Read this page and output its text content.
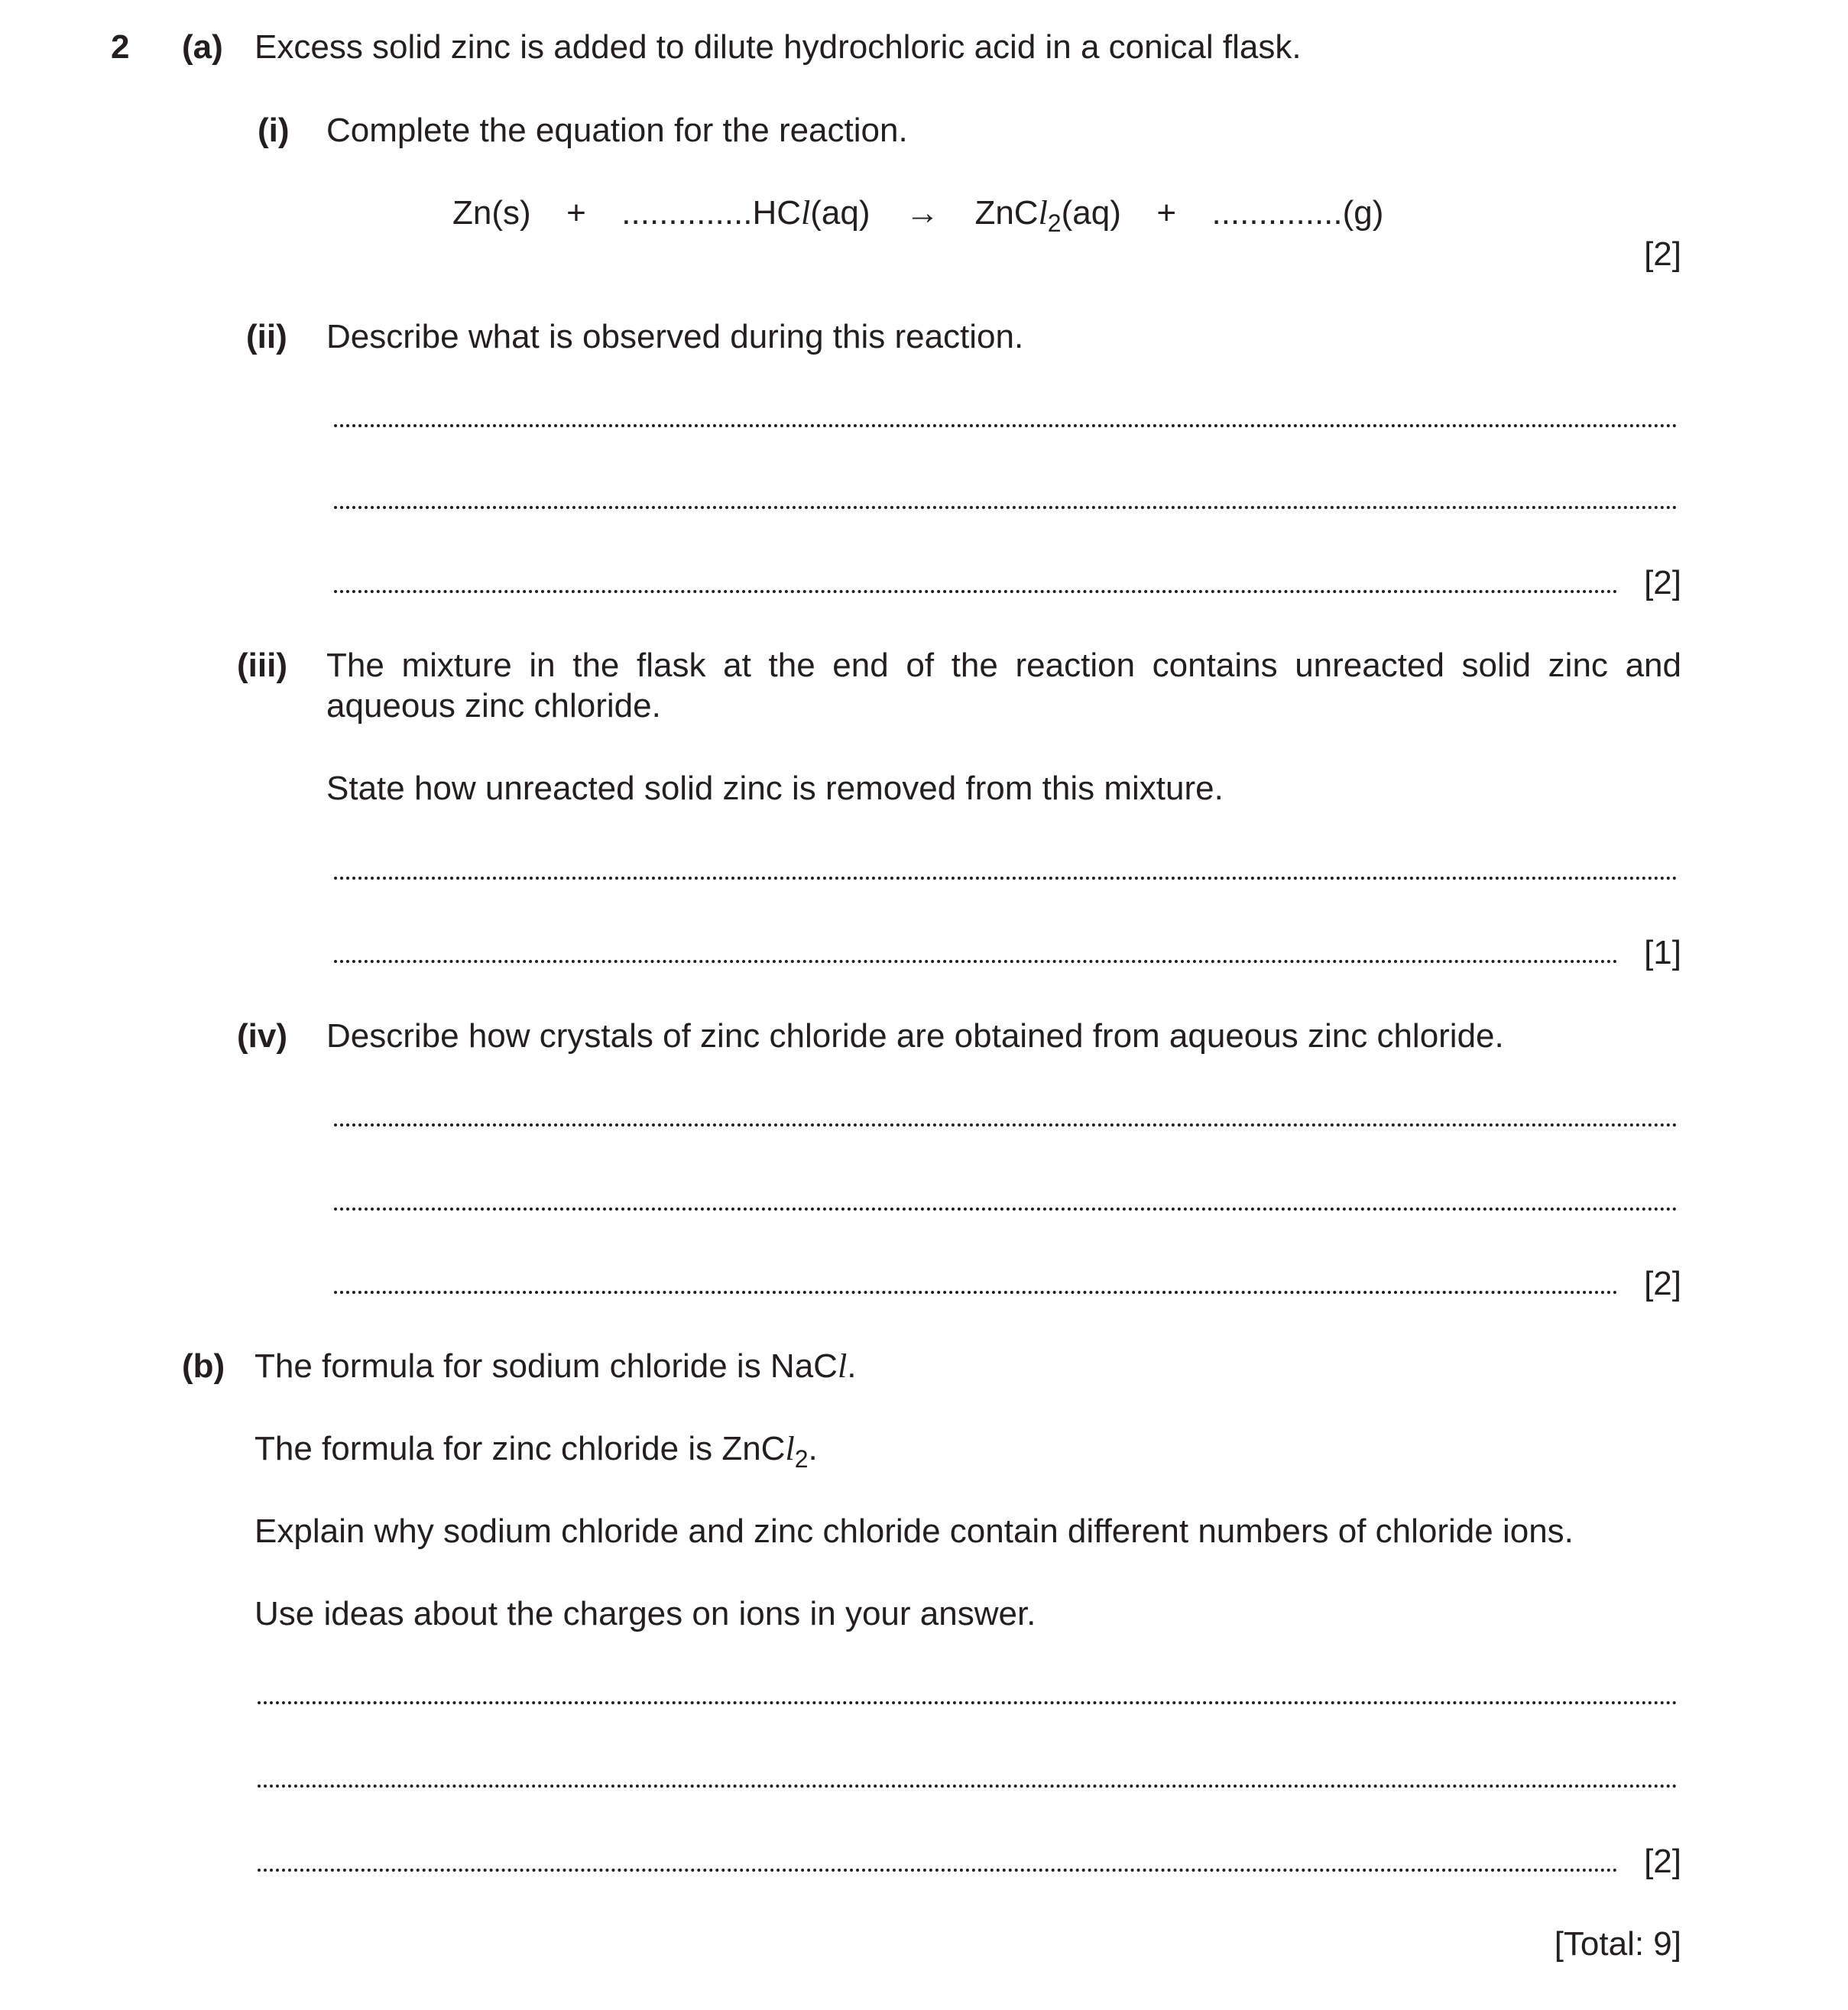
2 (a) Excess solid zinc is added to dilute hydrochloric acid in a conical flask.
(i) Complete the equation for the reaction.
Zn(s) + ..............HCl(aq) → ZnCl$_2$(aq) + ..............(g)
[2]
(ii) Describe what is observed during this reaction.
[2]
(iii) The mixture in the flask at the end of the reaction contains unreacted solid zinc and
aqueous zinc chloride.
State how unreacted solid zinc is removed from this mixture.
[1]
(iv) Describe how crystals of zinc chloride are obtained from aqueous zinc chloride.
[2]
(b) The formula for sodium chloride is NaCl.
The formula for zinc chloride is ZnCl$_2$.
Explain why sodium chloride and zinc chloride contain different numbers of chloride ions.
Use ideas about the charges on ions in your answer.
[2]
[Total: 9]
